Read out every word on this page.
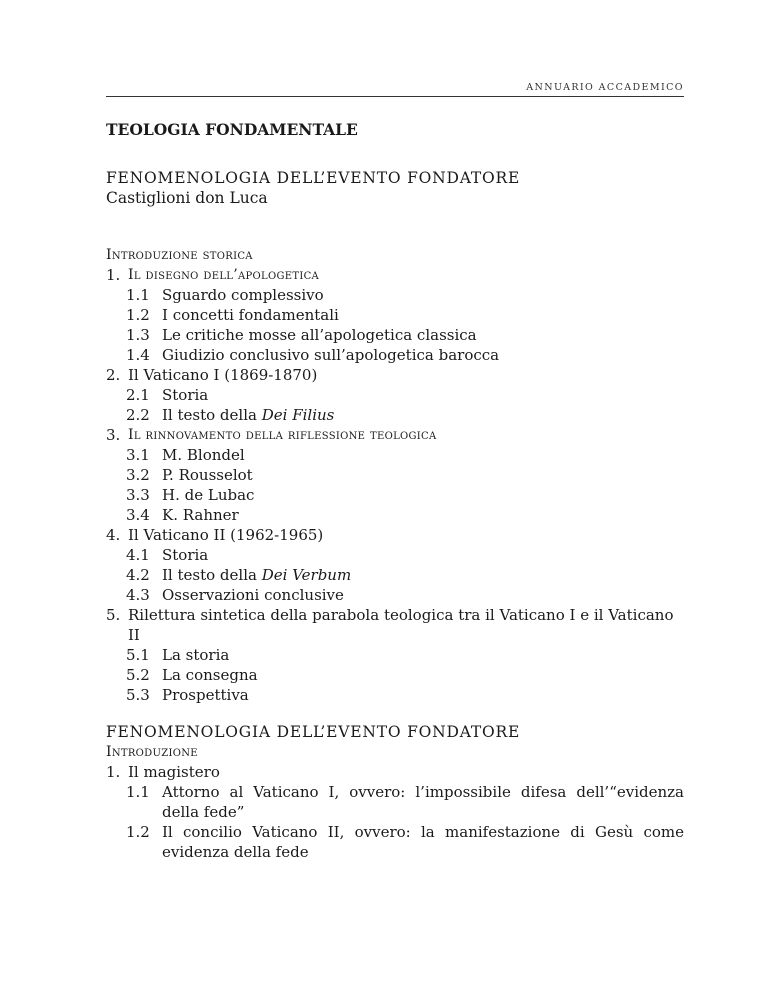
ANNUARIO ACCADEMICO
TEOLOGIA FONDAMENTALE
FENOMENOLOGIA DELL’EVENTO FONDATORE
Castiglioni don Luca
Introduzione storica
1. Il disegno dell’apologetica
1.1 Sguardo complessivo
1.2 I concetti fondamentali
1.3 Le critiche mosse all’apologetica classica
1.4 Giudizio conclusivo sull’apologetica barocca
2. Il Vaticano I (1869-1870)
2.1 Storia
2.2 Il testo della Dei Filius
3. Il rinnovamento della riflessione teologica
3.1 M. Blondel
3.2 P. Rousselot
3.3 H. de Lubac
3.4 K. Rahner
4. Il Vaticano II (1962-1965)
4.1 Storia
4.2 Il testo della Dei Verbum
4.3 Osservazioni conclusive
5. Rilettura sintetica della parabola teologica tra il Vaticano I e il Vaticano II
5.1 La storia
5.2 La consegna
5.3 Prospettiva
FENOMENOLOGIA DELL’EVENTO FONDATORE
Introduzione
1. Il magistero
1.1 Attorno al Vaticano I, ovvero: l’impossibile difesa dell’“evidenza della fede”
1.2 Il concilio Vaticano II, ovvero: la manifestazione di Gesù come evidenza della fede
